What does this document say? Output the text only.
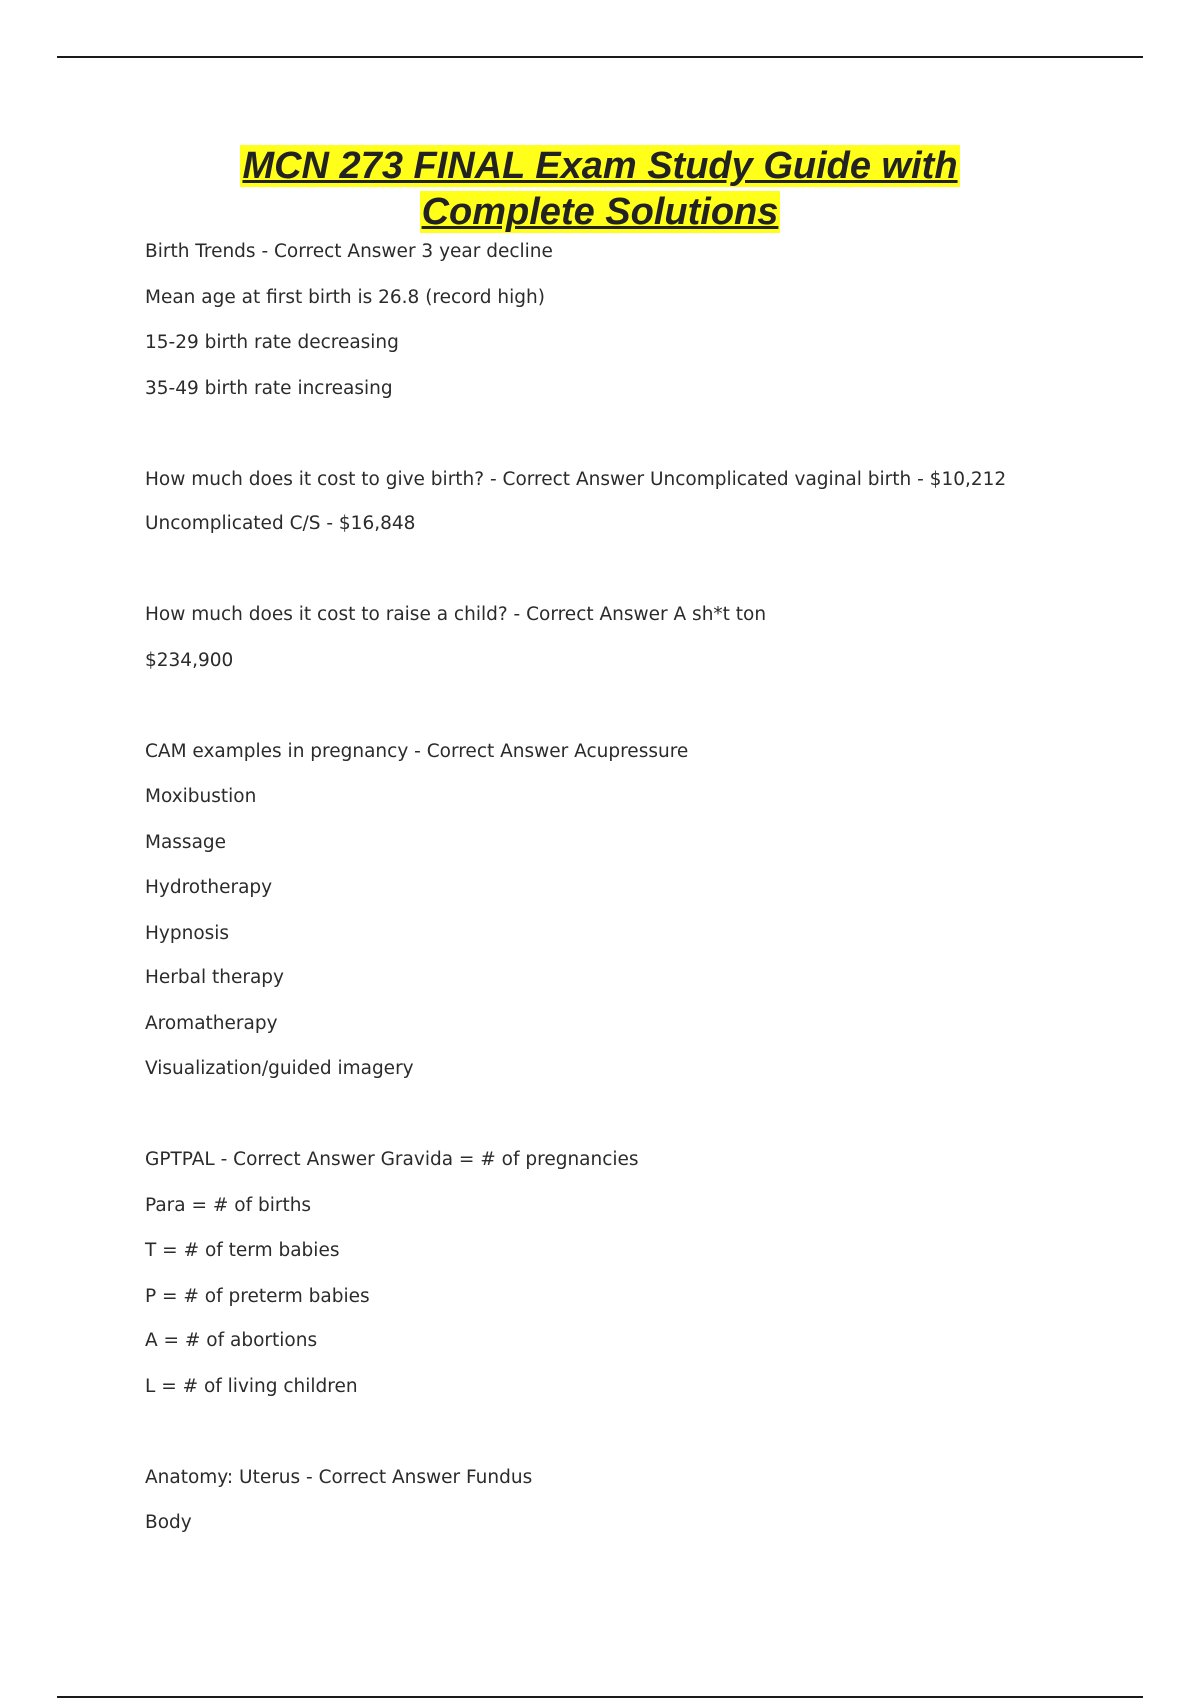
MCN 273 FINAL Exam Study Guide with
Complete Solutions
Birth Trends - Correct Answer 3 year decline
Mean age at first birth is 26.8 (record high)
15-29 birth rate decreasing
35-49 birth rate increasing
How much does it cost to give birth? - Correct Answer Uncomplicated vaginal birth - $10,212
Uncomplicated C/S - $16,848
How much does it cost to raise a child? - Correct Answer A sh*t ton
$234,900
CAM examples in pregnancy - Correct Answer Acupressure
Moxibustion
Massage
Hydrotherapy
Hypnosis
Herbal therapy
Aromatherapy
Visualization/guided imagery
GPTPAL - Correct Answer Gravida = # of pregnancies
Para = # of births
T = # of term babies
P = # of preterm babies
A = # of abortions
L = # of living children
Anatomy: Uterus - Correct Answer Fundus
Body
